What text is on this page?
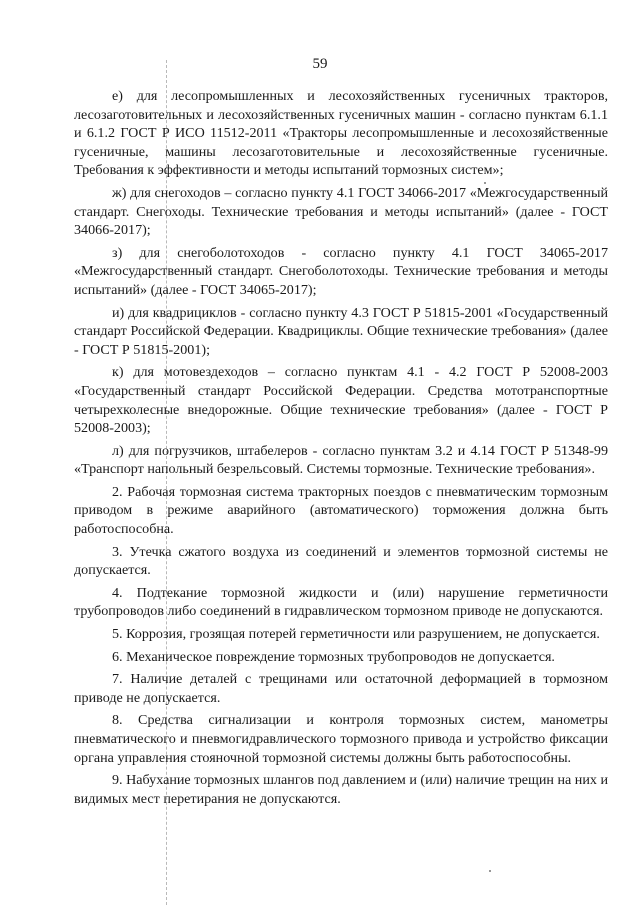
59

е) для лесопромышленных и лесохозяйственных гусеничных тракторов, лесозаготовительных и лесохозяйственных гусеничных машин - согласно пунктам 6.1.1 и 6.1.2 ГОСТ Р ИСО 11512-2011 «Тракторы лесопромышленные и лесохозяйственные гусеничные, машины лесозаготовительные и лесохозяйственные гусеничные. Требования к эффективности и методы испытаний тормозных систем»;

ж) для снегоходов – согласно пункту 4.1 ГОСТ 34066-2017 «Межгосударственный стандарт. Снегоходы. Технические требования и методы испытаний» (далее - ГОСТ 34066-2017);

з) для снегоболотоходов - согласно пункту 4.1 ГОСТ 34065-2017 «Межгосударственный стандарт. Снегоболотоходы. Технические требования и методы испытаний» (далее - ГОСТ 34065-2017);

и) для квадрициклов - согласно пункту 4.3 ГОСТ Р 51815-2001 «Государственный стандарт Российской Федерации. Квадрициклы. Общие технические требования» (далее - ГОСТ Р 51815-2001);

к) для мотовездеходов – согласно пунктам 4.1 - 4.2 ГОСТ Р 52008-2003 «Государственный стандарт Российской Федерации. Средства мототранспортные четырехколесные внедорожные. Общие технические требования» (далее - ГОСТ Р 52008-2003);

л) для погрузчиков, штабелеров - согласно пунктам 3.2 и 4.14 ГОСТ Р 51348-99 «Транспорт напольный безрельсовый. Системы тормозные. Технические требования».

2. Рабочая тормозная система тракторных поездов с пневматическим тормозным приводом в режиме аварийного (автоматического) торможения должна быть работоспособна.

3. Утечка сжатого воздуха из соединений и элементов тормозной системы не допускается.

4. Подтекание тормозной жидкости и (или) нарушение герметичности трубопроводов либо соединений в гидравлическом тормозном приводе не допускаются.

5. Коррозия, грозящая потерей герметичности или разрушением, не допускается.

6. Механическое повреждение тормозных трубопроводов не допускается.

7. Наличие деталей с трещинами или остаточной деформацией в тормозном приводе не допускается.

8. Средства сигнализации и контроля тормозных систем, манометры пневматического и пневмогидравлического тормозного привода и устройство фиксации органа управления стояночной тормозной системы должны быть работоспособны.

9. Набухание тормозных шлангов под давлением и (или) наличие трещин на них и видимых мест перетирания не допускаются.
